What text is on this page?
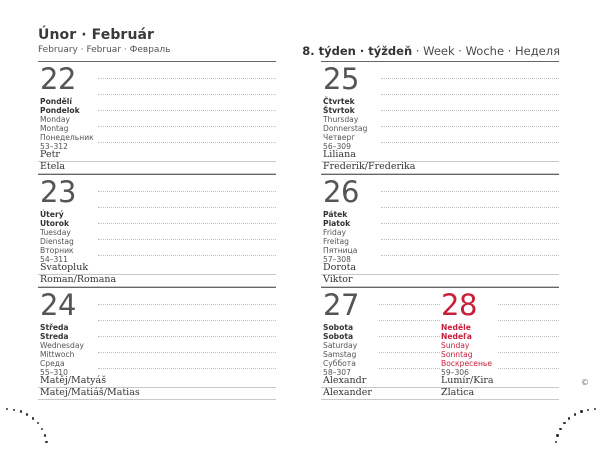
Únor · Február
February · Februar · Февраль	8. týden · týždeň · Week · Woche · Неделя
22
Pondělí
Pondelok
Monday
Montag
Понедельник
53–312
Petr
Etela
23
Úterý
Utorok
Tuesday
Dienstag
Вторник
54–311
Svatopluk
Roman/Romana
24
Středa
Streda
Wednesday
Mittwoch
Среда
55–310
Matěj/Matyáš
Matej/Matiáš/Matias
25
Čtvrtek
Štvrtok
Thursday
Donnerstag
Четверг
56–309
Liliana
Frederik/Frederika
26
Pátek
Piatok
Friday
Freitag
Пятница
57–308
Dorota
Viktor
27
Sobota
Sobota
Saturday
Samstag
Суббота
58–307
28
Neděle
Nedeľa
Sunday
Sonntag
Воскресенье
59–306
Alexandr	Lumír/Kira
Alexander	Zlatica
©
